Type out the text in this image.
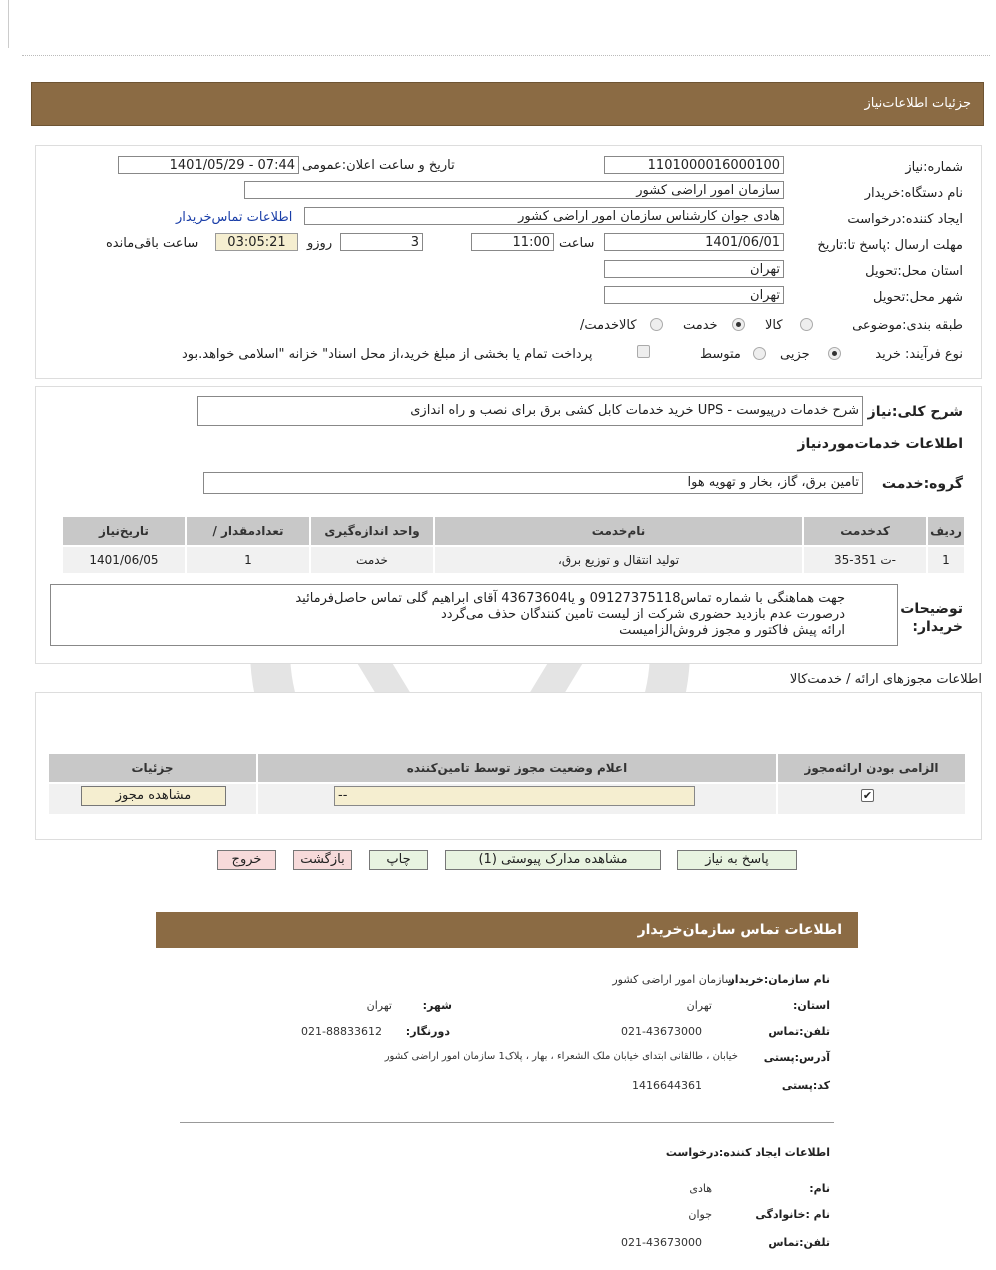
جزئیات اطلاعات‌نیاز
شماره:نیاز
1101000016000100
تاریخ و ساعت اعلان:عمومی
1401/05/29 - 07:44
نام دستگاه:خریدار
سازمان امور اراضی کشور
ایجاد کننده:درخواست
هادی جوان کارشناس سازمان امور اراضی کشور
اطلاعات تماس‌خریدار
مهلت ارسال :پاسخ تا:تاریخ
1401/06/01
ساعت
11:00
3
روزو
03:05:21
ساعت باقی‌مانده
استان محل:تحویل
تهران
شهر محل:تحویل
تهران
طبقه بندی:موضوعی
کالا
خدمت
/کالاخدمت
نوع فرآیند: خرید
جزیی
متوسط
پرداخت تمام یا بخشی از مبلغ خرید،از محل اسناد" خزانه "اسلامی خواهد.بود
شرح کلی:نیاز
خرید خدمات کابل کشی برق برای نصب و راه اندازی UPS - شرح خدمات درپیوست
اطلاعات خدمات‌موردنیاز
گروه:خدمت
تامین برق، گاز، بخار و تهویه هوا
تاریخ‌نیاز	/ تعدادمقدار	واحد اندازه‌گیری	نام‌خدمت	کدخدمت	ردیف
1401/06/05	1	خدمت	،تولید انتقال و توزیع برق	ت 351-35-	1
توضیحات
:خریدار
جهت هماهنگی با شماره تماس09127375118 و یا43673604 آقای ابراهیم گلی تماس حاصل‌فرمائید
درصورت عدم بازدید حضوری شرکت از لیست تامین کنندگان حذف می‌گردد
ارائه پیش فاکتور و مجوز فروش‌الزامیست
اطلاعات مجوزهای ارائه / خدمت‌کالا
جزئیات	اعلام وضعیت مجوز توسط تامین‌کننده	الزامی بودن ارائه‌مجوز

مشاهده مجوز	--	✔
پاسخ به نیاز
مشاهده مدارک پیوستی (1)
چاپ
بازگشت
خروج
اطلاعات تماس سازمان‌خریدار
نام سازمان:خریدار
سازمان امور اراضی کشور
:استان
تهران
:شهر
تهران
تلفن:تماس
021-43673000
:دورنگار
021-88833612
آدرس:پستی
خیابان ، طالقانی ابتدای خیابان ملک الشعراء ، بهار ، پلاک1 سازمان امور اراضی کشور
کد:پستی
1416644361
اطلاعات ایجاد کننده:درخواست
:نام
هادی
نام :خانوادگی
جوان
تلفن:تماس
021-43673000
